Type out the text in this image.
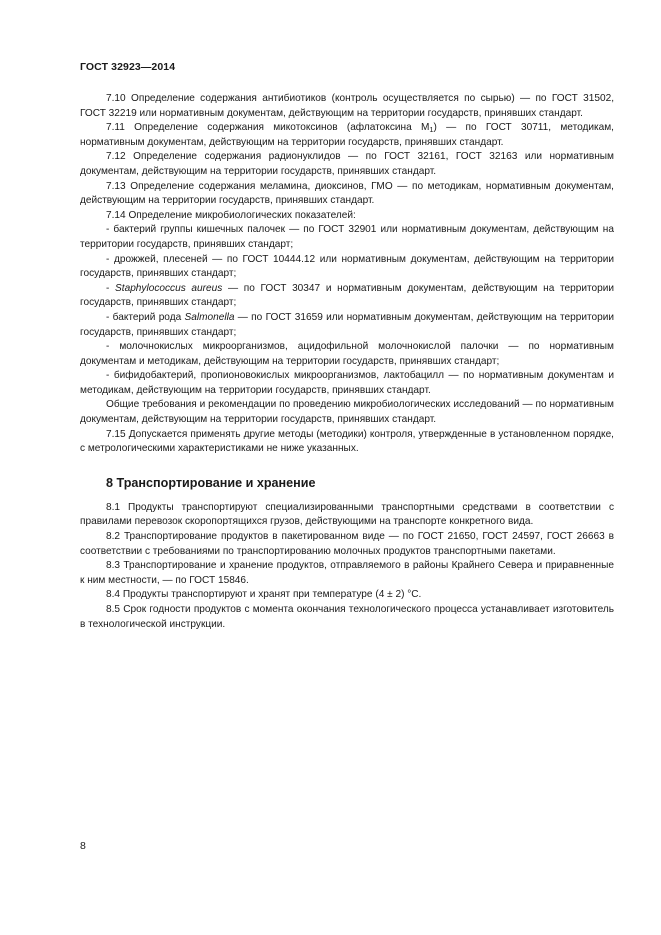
ГОСТ 32923—2014

7.10 Определение содержания антибиотиков (контроль осуществляется по сырью) — по ГОСТ 31502, ГОСТ 32219 или нормативным документам, действующим на территории государств, принявших стандарт.

7.11 Определение содержания микотоксинов (афлатоксина $M_1$) — по ГОСТ 30711, методикам, нормативным документам, действующим на территории государств, принявших стандарт.

7.12 Определение содержания радионуклидов — по ГОСТ 32161, ГОСТ 32163 или нормативным документам, действующим на территории государств, принявших стандарт.

7.13 Определение содержания меламина, диоксинов, ГМО — по методикам, нормативным документам, действующим на территории государств, принявших стандарт.

7.14 Определение микробиологических показателей:

- бактерий группы кишечных палочек — по ГОСТ 32901 или нормативным документам, действующим на территории государств, принявших стандарт;

- дрожжей, плесеней — по ГОСТ 10444.12 или нормативным документам, действующим на территории государств, принявших стандарт;

- Staphylococcus aureus — по ГОСТ 30347 и нормативным документам, действующим на территории государств, принявших стандарт;

- бактерий рода Salmonella — по ГОСТ 31659 или нормативным документам, действующим на территории государств, принявших стандарт;

- молочнокислых микроорганизмов, ацидофильной молочнокислой палочки — по нормативным документам и методикам, действующим на территории государств, принявших стандарт;

- бифидобактерий, пропионовокислых микроорганизмов, лактобацилл — по нормативным документам и методикам, действующим на территории государств, принявших стандарт.

Общие требования и рекомендации по проведению микробиологических исследований — по нормативным документам, действующим на территории государств, принявших стандарт.

7.15 Допускается применять другие методы (методики) контроля, утвержденные в установленном порядке, с метрологическими характеристиками не ниже указанных.

8 Транспортирование и хранение

8.1 Продукты транспортируют специализированными транспортными средствами в соответствии с правилами перевозок скоропортящихся грузов, действующими на транспорте конкретного вида.

8.2 Транспортирование продуктов в пакетированном виде — по ГОСТ 21650, ГОСТ 24597, ГОСТ 26663 в соответствии с требованиями по транспортированию молочных продуктов транспортными пакетами.

8.3 Транспортирование и хранение продуктов, отправляемого в районы Крайнего Севера и приравненные к ним местности, — по ГОСТ 15846.

8.4 Продукты транспортируют и хранят при температуре (4 ± 2) °С.

8.5 Срок годности продуктов с момента окончания технологического процесса устанавливает изготовитель в технологической инструкции.

8
